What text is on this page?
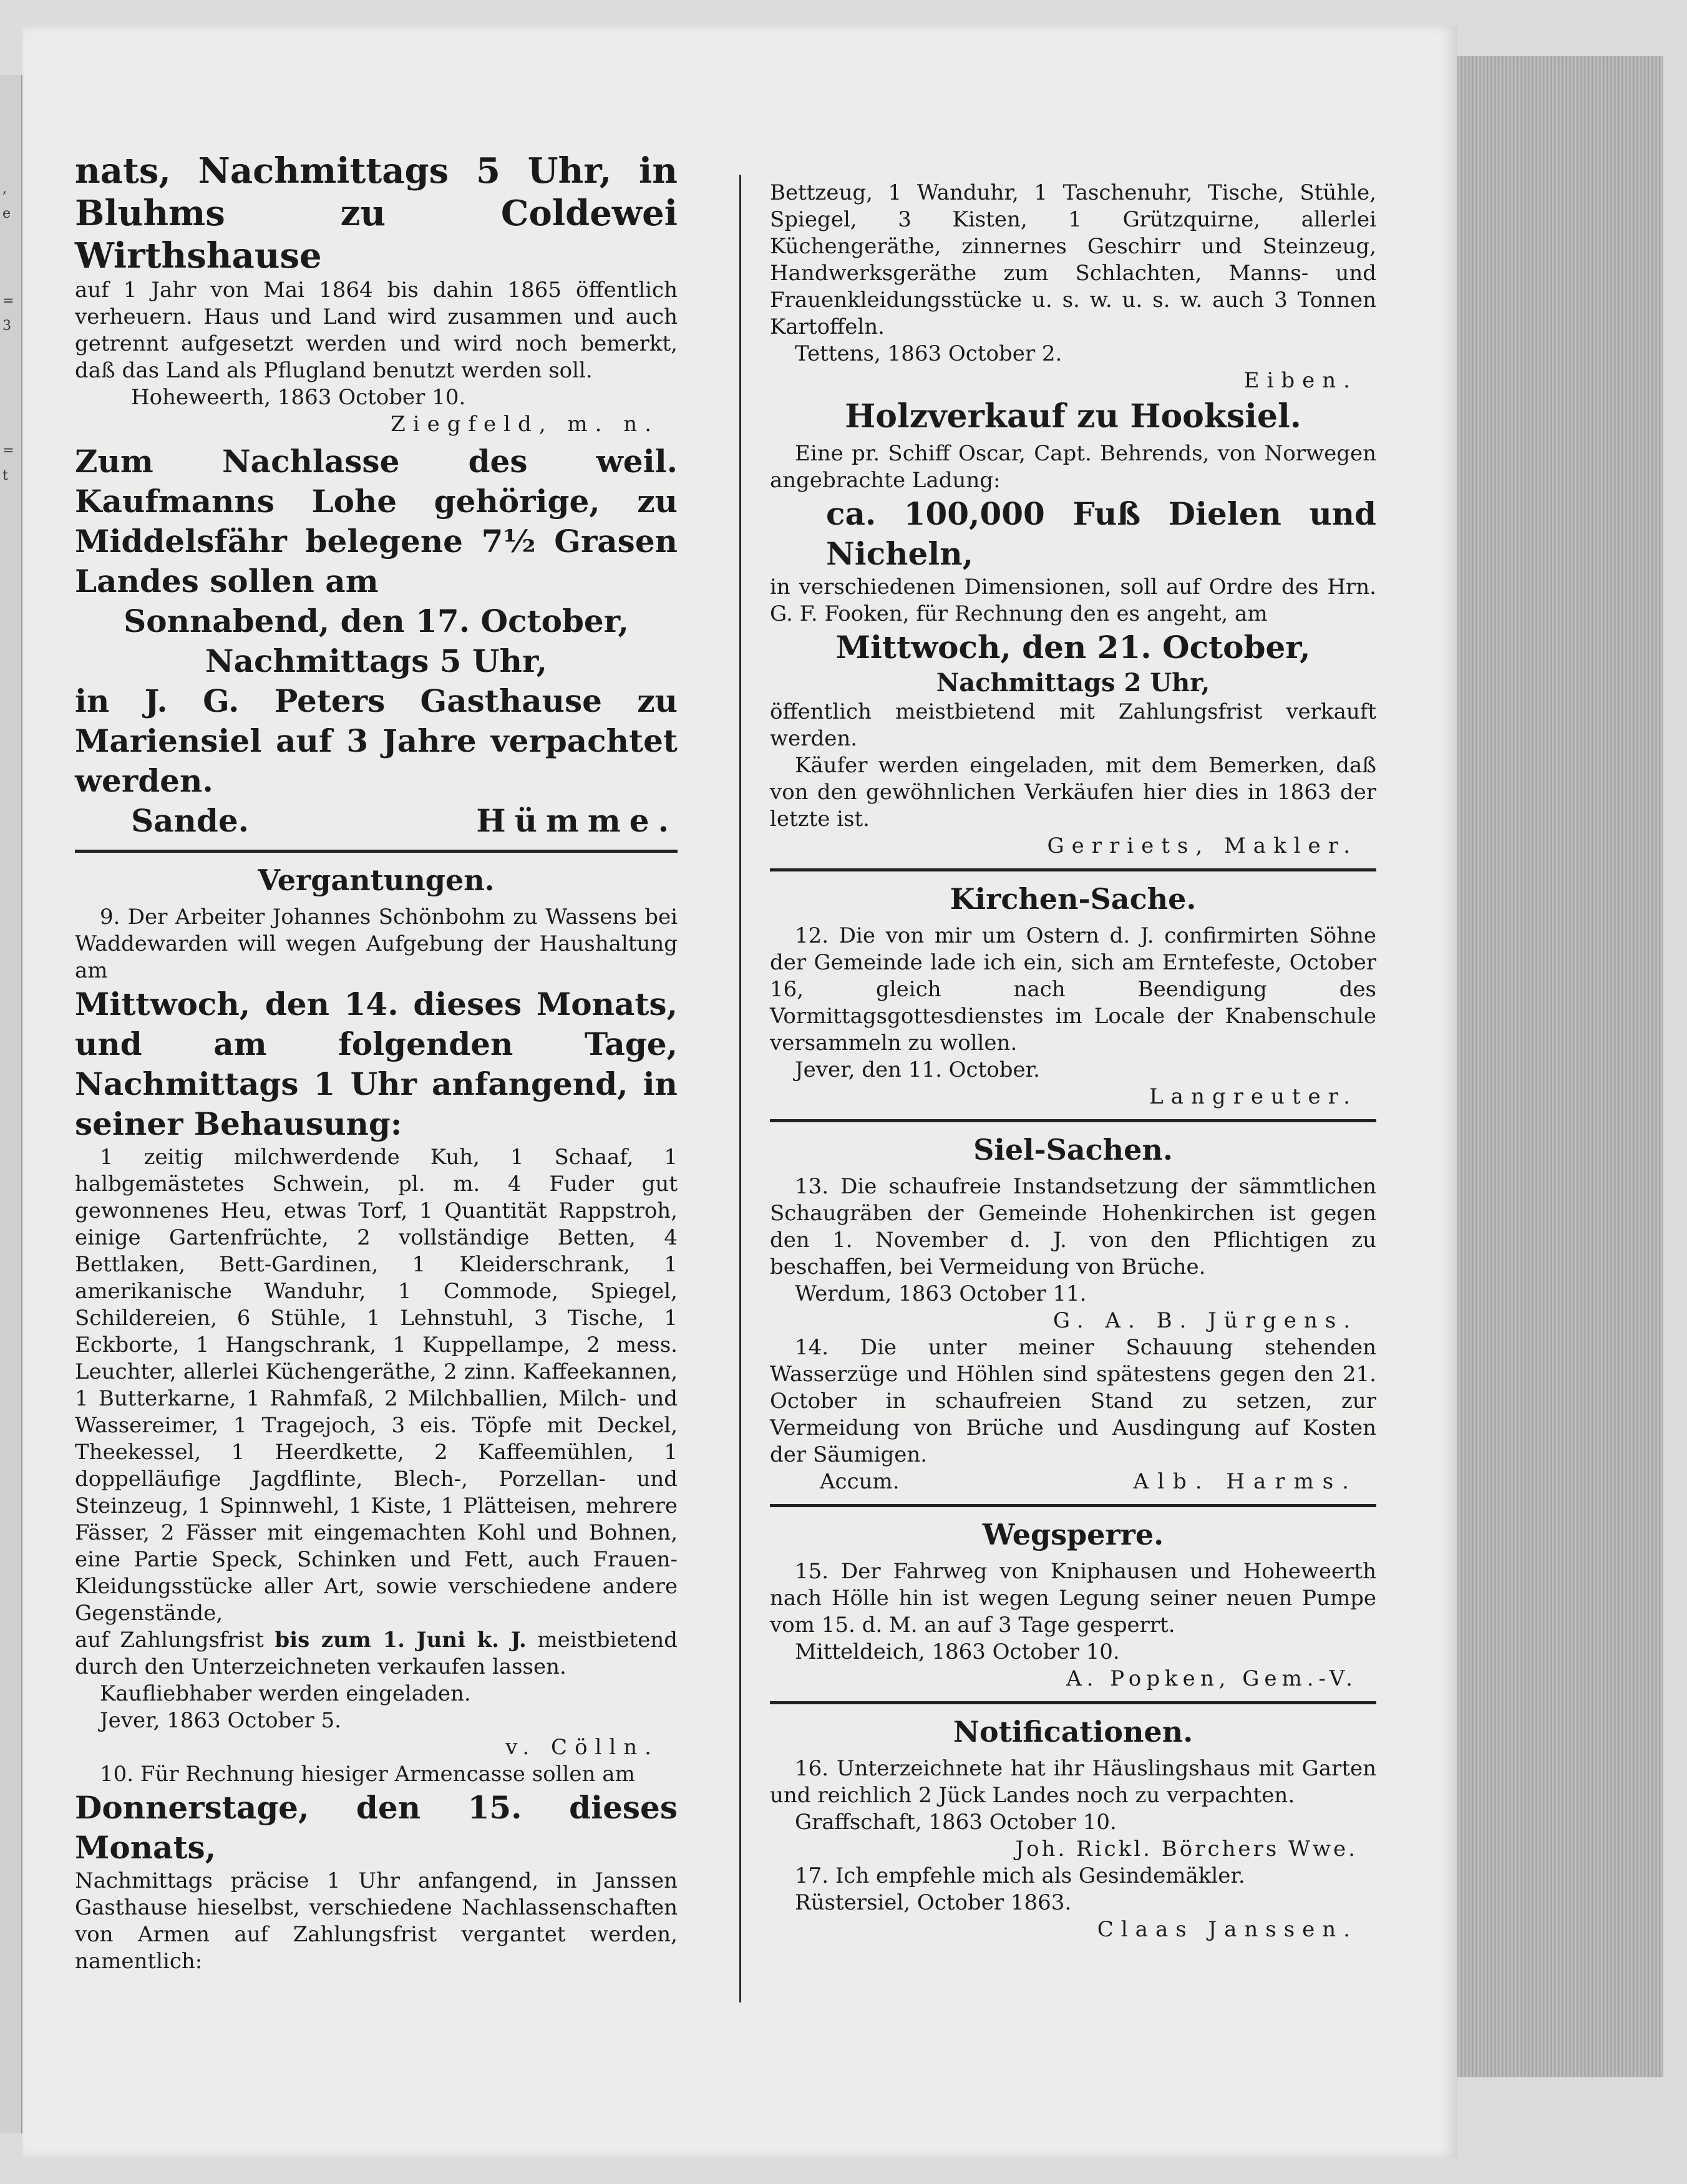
,
e
=
3
=
t

nats, Nachmittags 5 Uhr, in

Bluhms zu Coldewei Wirthshause

auf 1 Jahr von Mai 1864 bis dahin 1865 öffentlich verheuern. Haus und Land wird zusammen und auch getrennt aufgesetzt werden und wird noch bemerkt, daß das Land als Pflugland benutzt werden soll.

Hoheweerth, 1863 October 10.

Ziegfeld, m. n.

Zum Nachlasse des weil. Kaufmanns Lohe gehörige, zu Middelsfähr belegene 7½ Grasen Landes sollen am

Sonnabend, den 17. October,

Nachmittags 5 Uhr,

in J. G. Peters Gasthause zu Mariensiel auf 3 Jahre verpachtet werden.

Sande.	Hümme.

Vergantungen.

9. Der Arbeiter Johannes Schönbohm zu Wassens bei Waddewarden will wegen Aufgebung der Haushaltung am

Mittwoch, den 14. dieses Monats, und am folgenden Tage, Nachmittags 1 Uhr anfangend, in seiner Behausung:

1 zeitig milchwerdende Kuh, 1 Schaaf, 1 halbgemästetes Schwein, pl. m. 4 Fuder gut gewonnenes Heu, etwas Torf, 1 Quantität Rappstroh, einige Gartenfrüchte, 2 vollständige Betten, 4 Bettlaken, Bett-Gardinen, 1 Kleiderschrank, 1 amerikanische Wanduhr, 1 Commode, Spiegel, Schildereien, 6 Stühle, 1 Lehnstuhl, 3 Tische, 1 Eckborte, 1 Hangschrank, 1 Kuppellampe, 2 mess. Leuchter, allerlei Küchengeräthe, 2 zinn. Kaffeekannen, 1 Butterkarne, 1 Rahmfaß, 2 Milchballien, Milch- und Wassereimer, 1 Tragejoch, 3 eis. Töpfe mit Deckel, Theekessel, 1 Heerdkette, 2 Kaffeemühlen, 1 doppelläufige Jagdflinte, Blech-, Porzellan- und Steinzeug, 1 Spinnwehl, 1 Kiste, 1 Plätteisen, mehrere Fässer, 2 Fässer mit eingemachten Kohl und Bohnen, eine Partie Speck, Schinken und Fett, auch Frauen-Kleidungsstücke aller Art, sowie verschiedene andere Gegenstände,

auf Zahlungsfrist bis zum 1. Juni k. J. meistbietend durch den Unterzeichneten verkaufen lassen.

Kaufliebhaber werden eingeladen.

Jever, 1863 October 5.

v. Cölln.

10. Für Rechnung hiesiger Armencasse sollen am

Donnerstage, den 15. dieses Monats,

Nachmittags präcise 1 Uhr anfangend, in Janssen Gasthause hieselbst, verschiedene Nachlassenschaften von Armen auf Zahlungsfrist vergantet werden, namentlich:

Bettzeug, 1 Wanduhr, 1 Taschenuhr, Tische, Stühle, Spiegel, 3 Kisten, 1 Grützquirne, allerlei Küchengeräthe, zinnernes Geschirr und Steinzeug, Handwerksgeräthe zum Schlachten, Manns- und Frauenkleidungsstücke u. s. w. u. s. w. auch 3 Tonnen Kartoffeln.

Tettens, 1863 October 2.

Eiben.

Holzverkauf zu Hooksiel.

Eine pr. Schiff Oscar, Capt. Behrends, von Norwegen angebrachte Ladung:

ca. 100,000 Fuß Dielen und Nicheln,

in verschiedenen Dimensionen, soll auf Ordre des Hrn. G. F. Fooken, für Rechnung den es angeht, am

Mittwoch, den 21. October,

Nachmittags 2 Uhr,

öffentlich meistbietend mit Zahlungsfrist verkauft werden.

Käufer werden eingeladen, mit dem Bemerken, daß von den gewöhnlichen Verkäufen hier dies in 1863 der letzte ist.

Gerriets, Makler.

Kirchen-Sache.

12. Die von mir um Ostern d. J. confirmirten Söhne der Gemeinde lade ich ein, sich am Erntefeste, October 16, gleich nach Beendigung des Vormittagsgottesdienstes im Locale der Knabenschule versammeln zu wollen.

Jever, den 11. October.

Langreuter.

Siel-Sachen.

13. Die schaufreie Instandsetzung der sämmtlichen Schaugräben der Gemeinde Hohenkirchen ist gegen den 1. November d. J. von den Pflichtigen zu beschaffen, bei Vermeidung von Brüche.

Werdum, 1863 October 11.

G. A. B. Jürgens.

14. Die unter meiner Schauung stehenden Wasserzüge und Höhlen sind spätestens gegen den 21. October in schaufreien Stand zu setzen, zur Vermeidung von Brüche und Ausdingung auf Kosten der Säumigen.

Accum.	Alb. Harms.

Wegsperre.

15. Der Fahrweg von Kniphausen und Hoheweerth nach Hölle hin ist wegen Legung seiner neuen Pumpe vom 15. d. M. an auf 3 Tage gesperrt.

Mitteldeich, 1863 October 10.

A. Popken, Gem.-V.

Notificationen.

16. Unterzeichnete hat ihr Häuslingshaus mit Garten und reichlich 2 Jück Landes noch zu verpachten.

Graffschaft, 1863 October 10.

Joh. Rickl. Börchers Wwe.

17. Ich empfehle mich als Gesindemäkler.

Rüstersiel, October 1863.

Claas Janssen.
